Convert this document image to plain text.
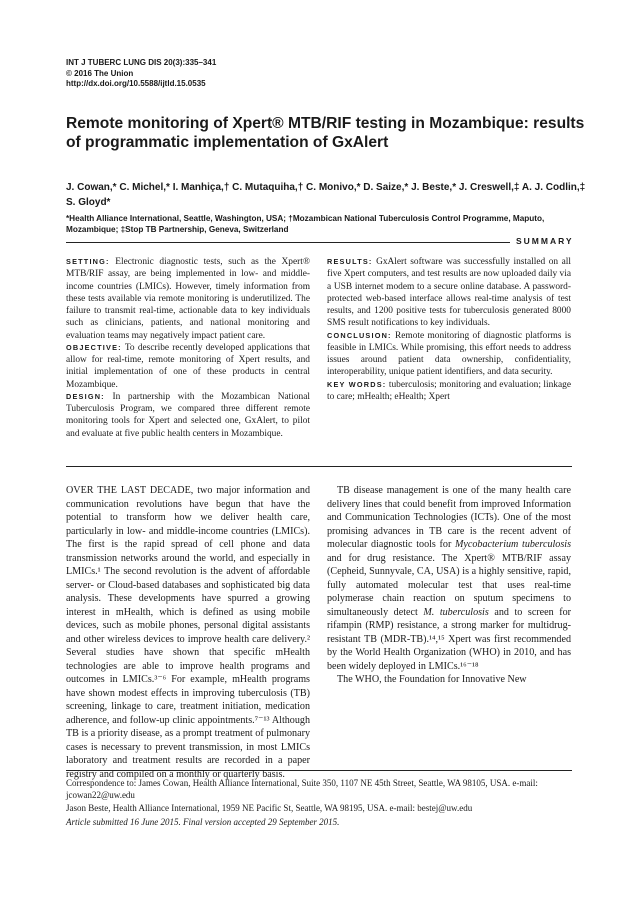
INT J TUBERC LUNG DIS 20(3):335–341
© 2016 The Union
http://dx.doi.org/10.5588/ijtld.15.0535
Remote monitoring of Xpert® MTB/RIF testing in Mozambique: results of programmatic implementation of GxAlert
J. Cowan,* C. Michel,* I. Manhiça,† C. Mutaquiha,† C. Monivo,* D. Saize,* J. Beste,* J. Creswell,‡ A. J. Codlin,‡ S. Gloyd*
*Health Alliance International, Seattle, Washington, USA; †Mozambican National Tuberculosis Control Programme, Maputo, Mozambique; ‡Stop TB Partnership, Geneva, Switzerland
SUMMARY

SETTING: Electronic diagnostic tests, such as the Xpert® MTB/RIF assay, are being implemented in low- and middle-income countries (LMICs). However, timely information from these tests available via remote monitoring is underutilized. The failure to transmit real-time, actionable data to key individuals such as clinicians, patients, and national monitoring and evaluation teams may negatively impact patient care.

OBJECTIVE: To describe recently developed applications that allow for real-time, remote monitoring of Xpert results, and initial implementation of one of these products in central Mozambique.

DESIGN: In partnership with the Mozambican National Tuberculosis Program, we compared three different remote monitoring tools for Xpert and selected one, GxAlert, to pilot and evaluate at five public health centers in Mozambique.

RESULTS: GxAlert software was successfully installed on all five Xpert computers, and test results are now uploaded daily via a USB internet modem to a secure online database. A password-protected web-based interface allows real-time analysis of test results, and 1200 positive tests for tuberculosis generated 8000 SMS result notifications to key individuals.

CONCLUSION: Remote monitoring of diagnostic platforms is feasible in LMICs. While promising, this effort needs to address issues around patient data ownership, confidentiality, interoperability, unique patient identifiers, and data security.

KEY WORDS: tuberculosis; monitoring and evaluation; linkage to care; mHealth; eHealth; Xpert

OVER THE LAST DECADE, two major information and communication revolutions have begun that have the potential to transform how we deliver health care, particularly in low- and middle-income countries (LMICs). The first is the rapid spread of cell phone and data transmission networks around the world, and especially in LMICs.¹ The second revolution is the advent of affordable server- or Cloud-based databases and sophisticated big data analysis. These developments have spurred a growing interest in mHealth, which is defined as using mobile devices, such as mobile phones, personal digital assistants and other wireless devices to improve health care delivery.² Several studies have shown that specific mHealth technologies are able to improve health programs and outcomes in LMICs.³⁻⁶ For example, mHealth programs have shown modest effects in improving tuberculosis (TB) screening, linkage to care, treatment initiation, medication adherence, and follow-up clinic appointments.⁷⁻¹³ Although TB is a priority disease, as a prompt treatment of pulmonary cases is necessary to prevent transmission, in most LMICs laboratory and treatment results are recorded in a paper registry and compiled on a monthly or quarterly basis.

TB disease management is one of the many health care delivery lines that could benefit from improved Information and Communication Technologies (ICTs). One of the most promising advances in TB care is the recent advent of molecular diagnostic tools for Mycobacterium tuberculosis and for drug resistance. The Xpert® MTB/RIF assay (Cepheid, Sunnyvale, CA, USA) is a highly sensitive, rapid, fully automated molecular test that uses real-time polymerase chain reaction on sputum specimens to simultaneously detect M. tuberculosis and to screen for rifampin (RMP) resistance, a strong marker for multidrug-resistant TB (MDR-TB).¹⁴,¹⁵ Xpert was first recommended by the World Health Organization (WHO) in 2010, and has been widely deployed in LMICs.¹⁶⁻¹⁸

The WHO, the Foundation for Innovative New

Correspondence to: James Cowan, Health Alliance International, Suite 350, 1107 NE 45th Street, Seattle, WA 98105, USA. e-mail: jcowan22@uw.edu
Jason Beste, Health Alliance International, 1959 NE Pacific St, Seattle, WA 98195, USA. e-mail: bestej@uw.edu
Article submitted 16 June 2015. Final version accepted 29 September 2015.
